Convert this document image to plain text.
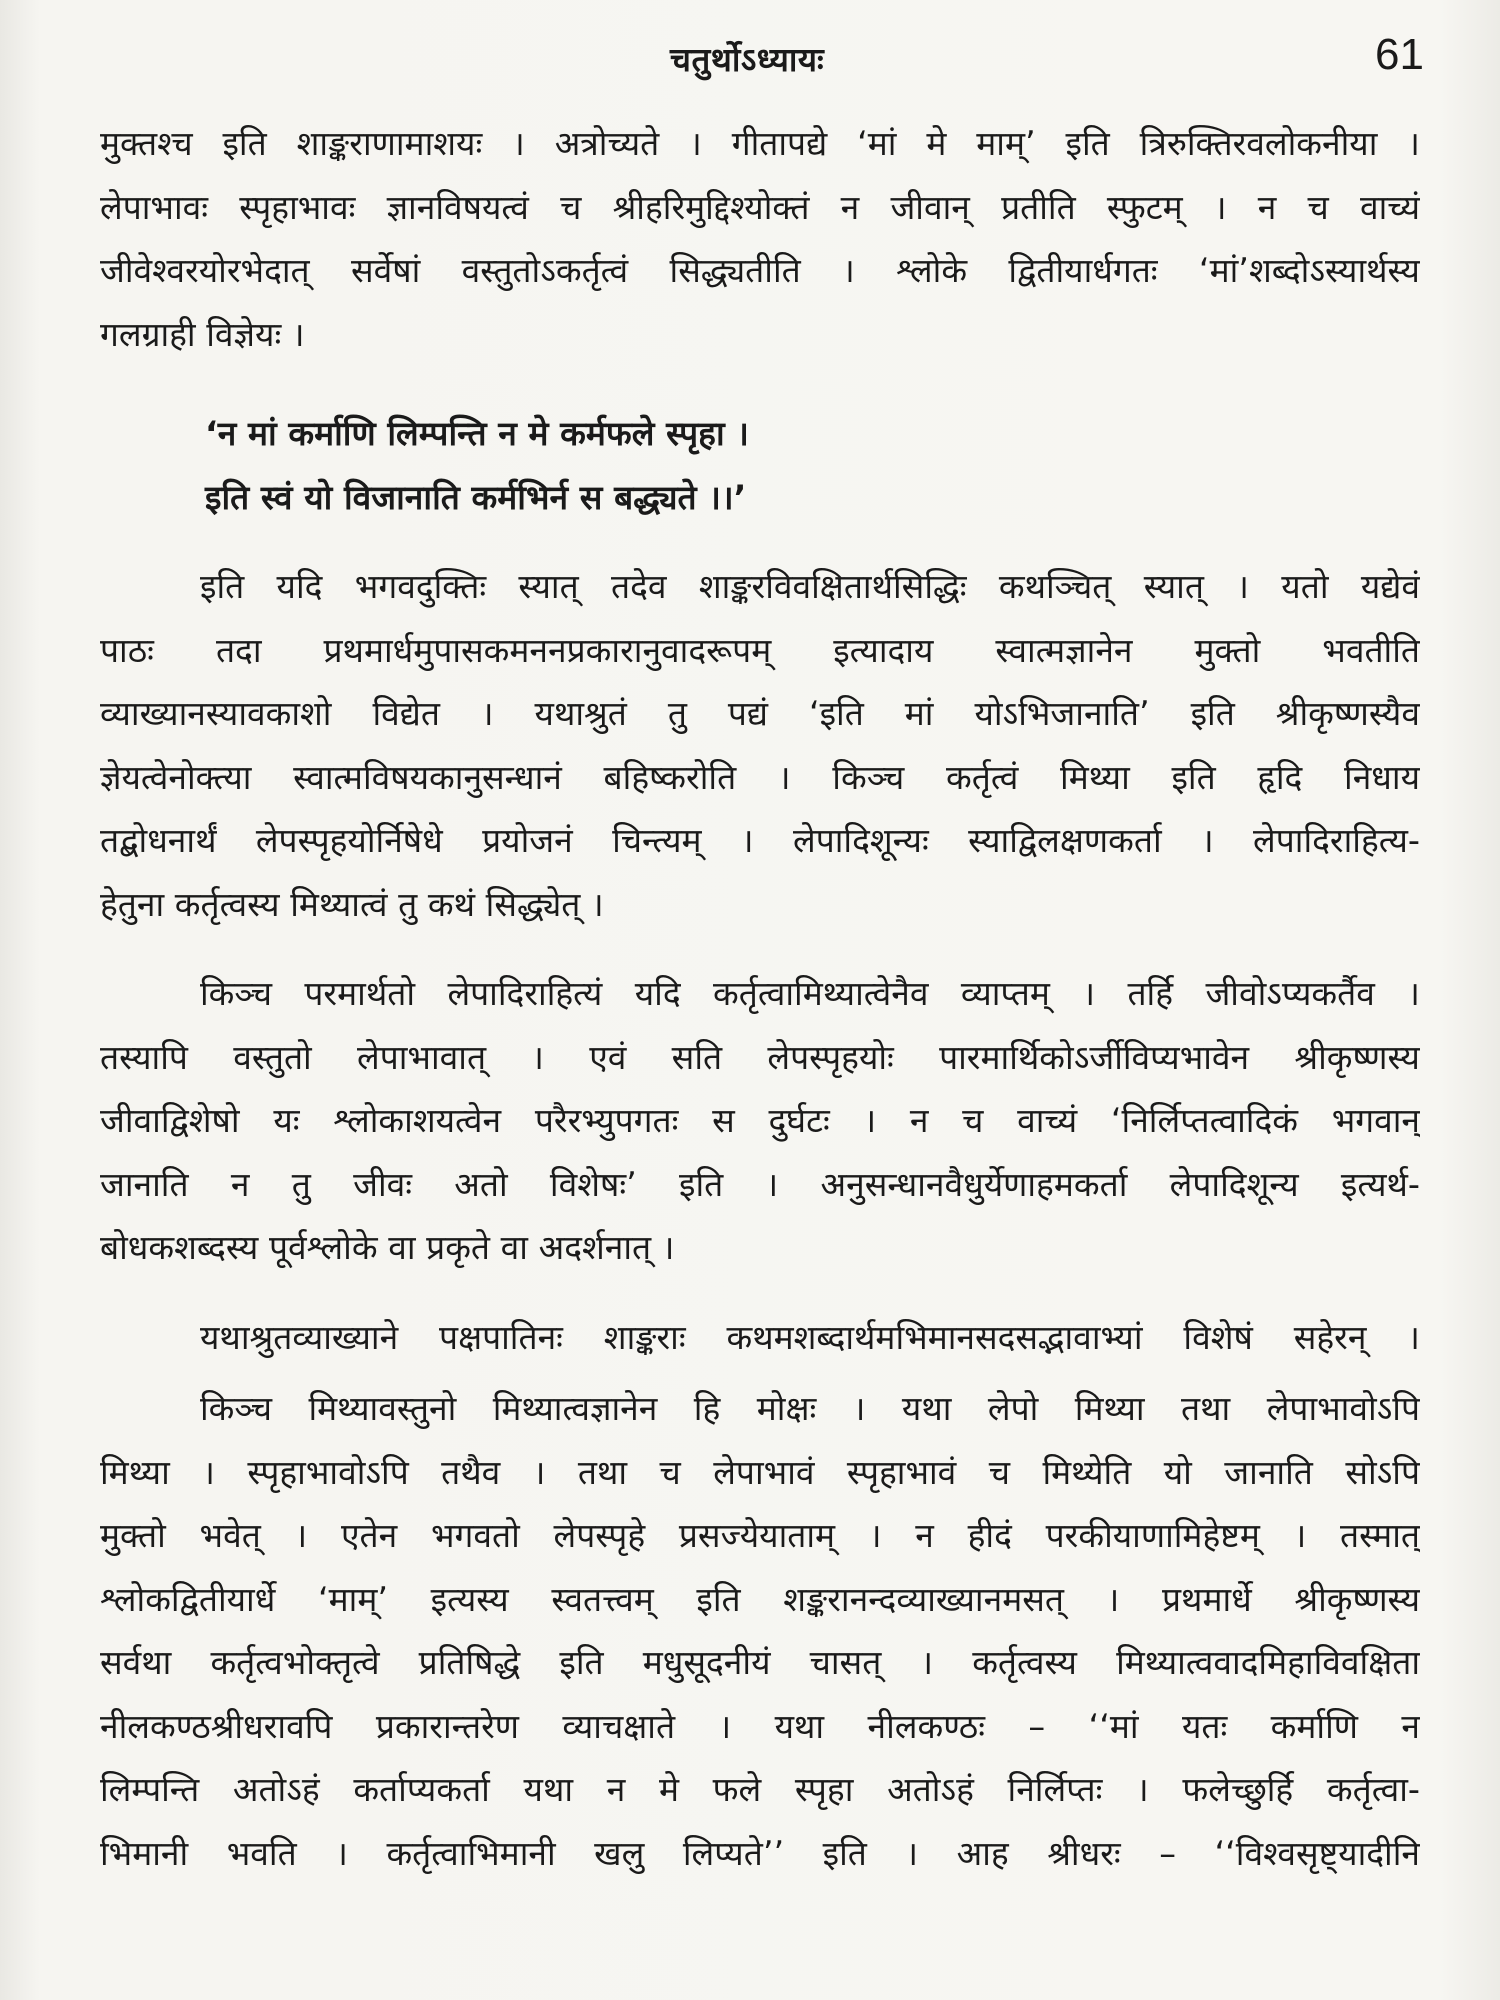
चतुर्थोऽध्यायः	61
मुक्तश्च इति शाङ्कराणामाशयः । अत्रोच्यते । गीतापद्ये ‘मां मे माम्’ इति त्रिरुक्तिरवलोकनीया ।
लेपाभावः स्पृहाभावः ज्ञानविषयत्वं च श्रीहरिमुद्दिश्योक्तं न जीवान् प्रतीति स्फुटम् । न च वाच्यं
जीवेश्वरयोरभेदात् सर्वेषां वस्तुतोऽकर्तृत्वं सिद्ध्यतीति । श्लोके द्वितीयार्धगतः ‘मां’शब्दोऽस्यार्थस्य
गलग्राही विज्ञेयः ।
‘न मां कर्माणि लिम्पन्ति न मे कर्मफले स्पृहा ।
इति स्वं यो विजानाति कर्मभिर्न स बद्ध्यते ।।’
इति यदि भगवदुक्तिः स्यात् तदेव शाङ्करविवक्षितार्थसिद्धिः कथञ्चित् स्यात् । यतो यद्येवं
पाठः तदा प्रथमार्धमुपासकमननप्रकारानुवादरूपम् इत्यादाय स्वात्मज्ञानेन मुक्तो भवतीति
व्याख्यानस्यावकाशो विद्येत । यथाश्रुतं तु पद्यं ‘इति मां योऽभिजानाति’ इति श्रीकृष्णस्यैव
ज्ञेयत्वेनोक्त्या स्वात्मविषयकानुसन्धानं बहिष्करोति । किञ्च कर्तृत्वं मिथ्या इति हृदि निधाय
तद्बोधनार्थं लेपस्पृहयोर्निषेधे प्रयोजनं चिन्त्यम् । लेपादिशून्यः स्याद्विलक्षणकर्ता । लेपादिराहित्य-
हेतुना कर्तृत्वस्य मिथ्यात्वं तु कथं सिद्ध्येत् ।
किञ्च परमार्थतो लेपादिराहित्यं यदि कर्तृत्वामिथ्यात्वेनैव व्याप्तम् । तर्हि जीवोऽप्यकर्तैव ।
तस्यापि वस्तुतो लेपाभावात् । एवं सति लेपस्पृहयोः पारमार्थिकोऽर्जीविप्यभावेन श्रीकृष्णस्य
जीवाद्विशेषो यः श्लोकाशयत्वेन परैरभ्युपगतः स दुर्घटः । न च वाच्यं ‘निर्लिप्तत्वादिकं भगवान्
जानाति न तु जीवः अतो विशेषः’ इति । अनुसन्धानवैधुर्येणाहमकर्ता लेपादिशून्य इत्यर्थ-
बोधकशब्दस्य पूर्वश्लोके वा प्रकृते वा अदर्शनात् ।
यथाश्रुतव्याख्याने पक्षपातिनः शाङ्कराः कथमशब्दार्थमभिमानसदसद्भावाभ्यां विशेषं सहेरन् ।
किञ्च मिथ्यावस्तुनो मिथ्यात्वज्ञानेन हि मोक्षः । यथा लेपो मिथ्या तथा लेपाभावोऽपि
मिथ्या । स्पृहाभावोऽपि तथैव । तथा च लेपाभावं स्पृहाभावं च मिथ्येति यो जानाति सोऽपि
मुक्तो भवेत् । एतेन भगवतो लेपस्पृहे प्रसज्येयाताम् । न हीदं परकीयाणामिहेष्टम् । तस्मात्
श्लोकद्वितीयार्धे ‘माम्’ इत्यस्य स्वतत्त्वम् इति शङ्करानन्दव्याख्यानमसत् । प्रथमार्धे श्रीकृष्णस्य
सर्वथा कर्तृत्वभोक्तृत्वे प्रतिषिद्धे इति मधुसूदनीयं चासत् । कर्तृत्वस्य मिथ्यात्ववादमिहाविवक्षिता
नीलकण्ठश्रीधरावपि प्रकारान्तरेण व्याचक्षाते । यथा नीलकण्ठः – ‘‘मां यतः कर्माणि न
लिम्पन्ति अतोऽहं कर्ताप्यकर्ता यथा न मे फले स्पृहा अतोऽहं निर्लिप्तः । फलेच्छुर्हि कर्तृत्वा-
भिमानी भवति । कर्तृत्वाभिमानी खलु लिप्यते’’ इति । आह श्रीधरः – ‘‘विश्वसृष्ट्यादीनि
